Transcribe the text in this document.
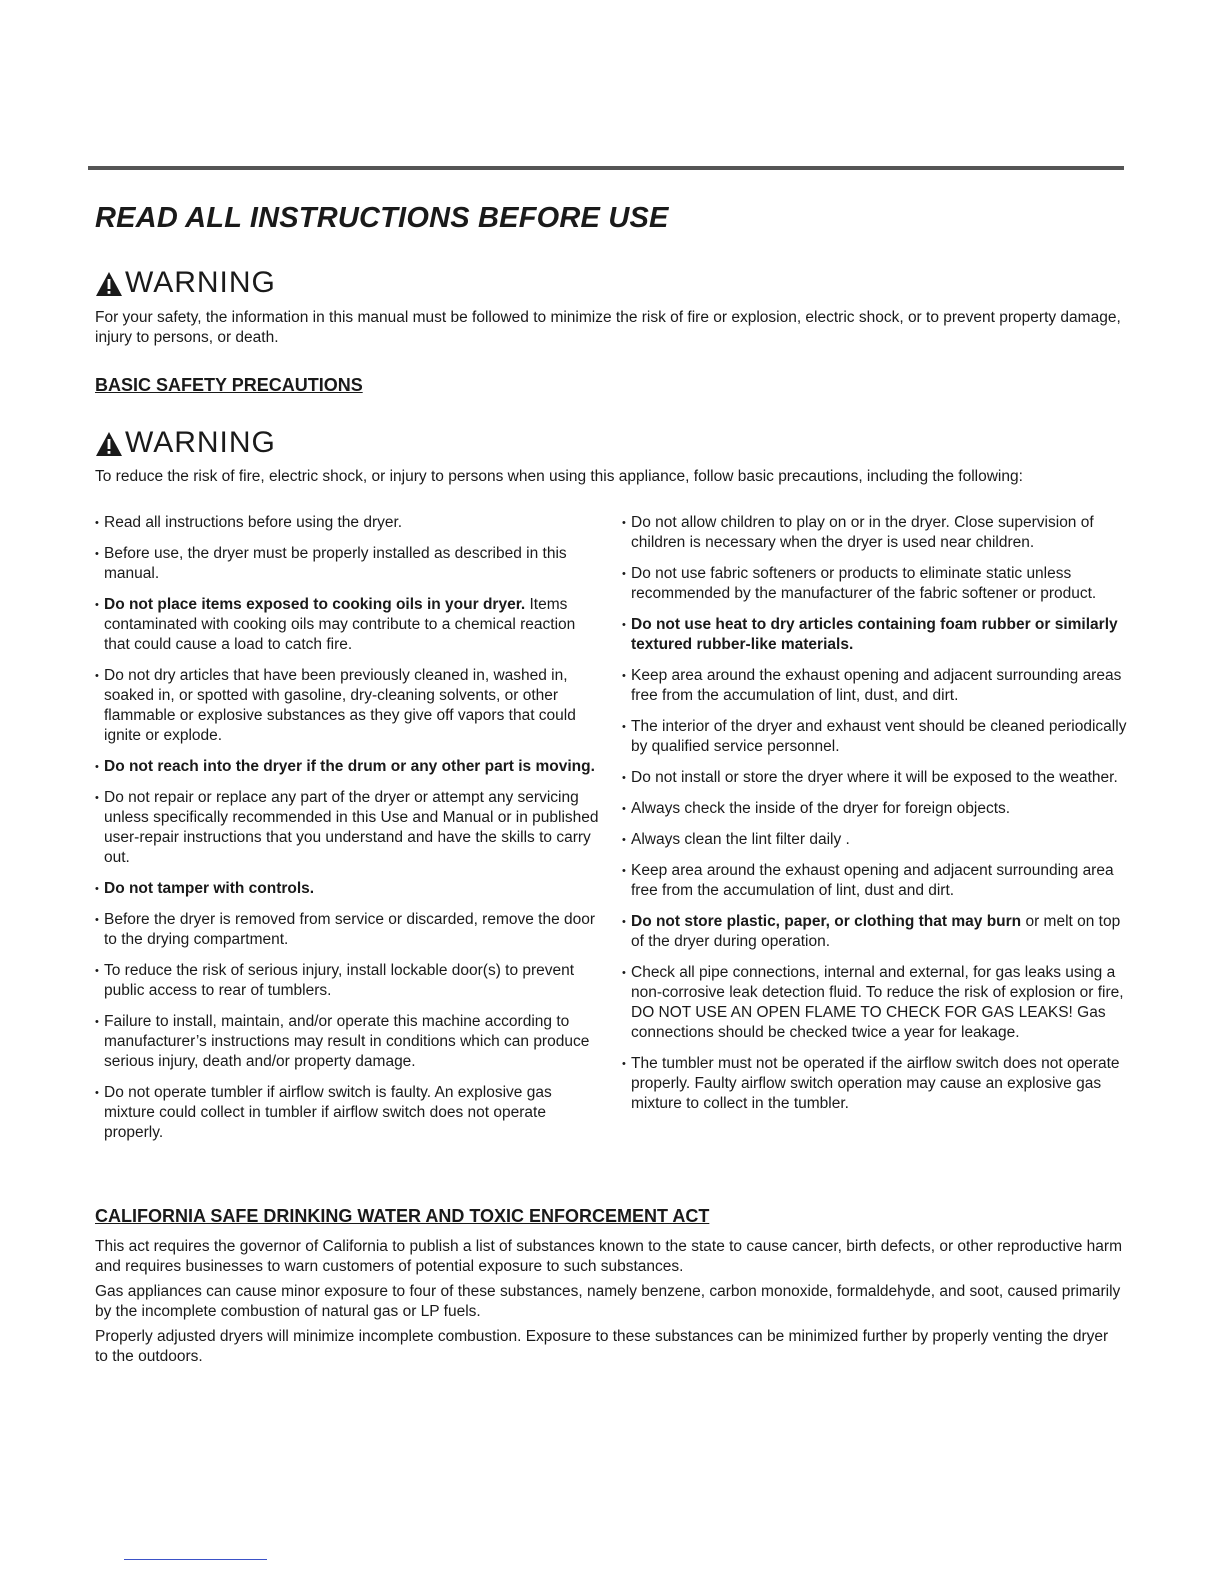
READ ALL INSTRUCTIONS BEFORE USE
WARNING

For your safety, the information in this manual must be followed to minimize the risk of fire or explosion, electric shock, or to prevent property damage, injury to persons, or death.

BASIC SAFETY PRECAUTIONS
WARNING

To reduce the risk of fire, electric shock, or injury to persons when using this appliance, follow basic precautions, including the following:

• Read all instructions before using the dryer.
• Before use, the dryer must be properly installed as described in this manual.
• Do not place items exposed to cooking oils in your dryer. Items contaminated with cooking oils may contribute to a chemical reaction that could cause a load to catch fire.
• Do not dry articles that have been previously cleaned in, washed in, soaked in, or spotted with gasoline, dry-cleaning solvents, or other flammable or explosive substances as they give off vapors that could ignite or explode.
• Do not reach into the dryer if the drum or any other part is moving.
• Do not repair or replace any part of the dryer or attempt any servicing unless specifically recommended in this Use and Manual or in published user-repair instructions that you understand and have the skills to carry out.
• Do not tamper with controls.
• Before the dryer is removed from service or discarded, remove the door to the drying compartment.
• To reduce the risk of serious injury, install lockable door(s) to prevent public access to rear of tumblers.
• Failure to install, maintain, and/or operate this machine according to manufacturer’s instructions may result in conditions which can produce serious injury, death and/or property damage.
• Do not operate tumbler if airflow switch is faulty. An explosive gas mixture could collect in tumbler if airflow switch does not operate properly.
• Do not allow children to play on or in the dryer. Close supervision of children is necessary when the dryer is used near children.
• Do not use fabric softeners or products to eliminate static unless recommended by the manufacturer of the fabric softener or product.
• Do not use heat to dry articles containing foam rubber or similarly textured rubber-like materials.
• Keep area around the exhaust opening and adjacent surrounding areas free from the accumulation of lint, dust, and dirt.
• The interior of the dryer and exhaust vent should be cleaned periodically by qualified service personnel.
• Do not install or store the dryer where it will be exposed to the weather.
• Always check the inside of the dryer for foreign objects.
• Always clean the lint filter daily .
• Keep area around the exhaust opening and adjacent surrounding area free from the accumulation of lint, dust and dirt.
• Do not store plastic, paper, or clothing that may burn or melt on top of the dryer during operation.
• Check all pipe connections, internal and external, for gas leaks using a non-corrosive leak detection fluid. To reduce the risk of explosion or fire, DO NOT USE AN OPEN FLAME TO CHECK FOR GAS LEAKS! Gas connections should be checked twice a year for leakage.
• The tumbler must not be operated if the airflow switch does not operate properly. Faulty airflow switch operation may cause an explosive gas mixture to collect in the tumbler.
CALIFORNIA SAFE DRINKING WATER AND TOXIC ENFORCEMENT ACT

This act requires the governor of California to publish a list of substances known to the state to cause cancer, birth defects, or other reproductive harm and requires businesses to warn customers of potential exposure to such substances.

Gas appliances can cause minor exposure to four of these substances, namely benzene, carbon monoxide, formaldehyde, and soot, caused primarily by the incomplete combustion of natural gas or LP fuels.

Properly adjusted dryers will minimize incomplete combustion. Exposure to these substances can be minimized further by properly venting the dryer to the outdoors.
